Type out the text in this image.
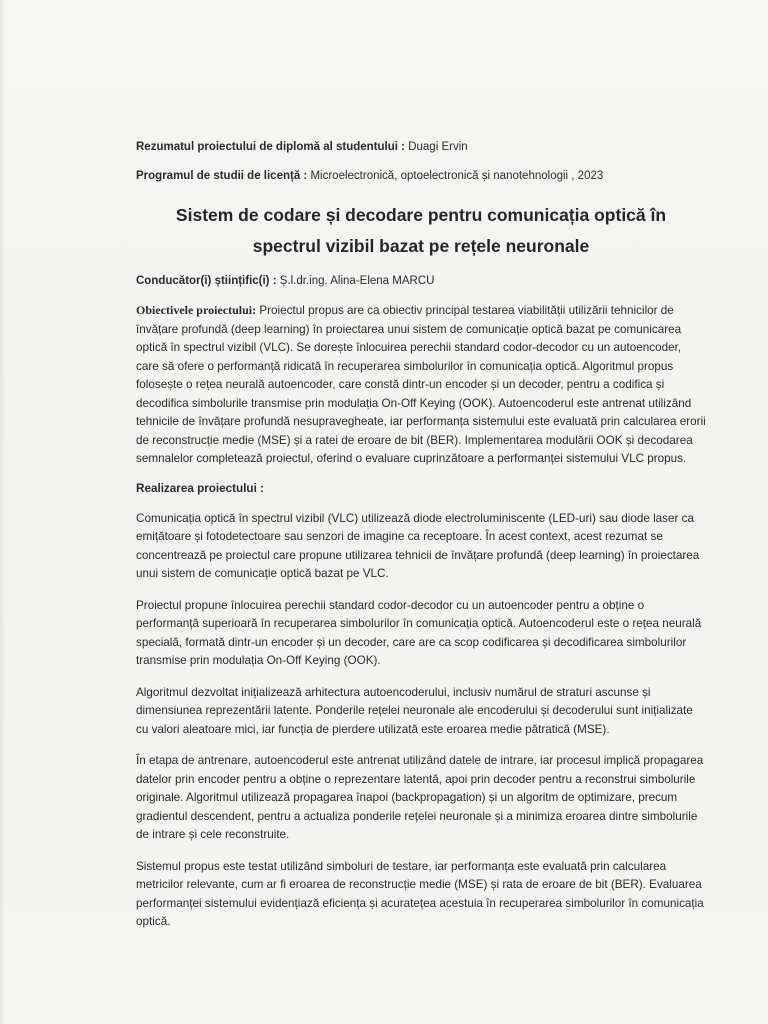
Rezumatul proiectului de diplomă al studentului : Duagi Ervin

Programul de studii de licență : Microelectronică, optoelectronică și nanotehnologii , 2023

Sistem de codare și decodare pentru comunicația optică în
spectrul vizibil bazat pe rețele neuronale

Conducător(i) științific(i) : Ș.l.dr.ing. Alina-Elena MARCU

Obiectivele proiectului: Proiectul propus are ca obiectiv principal testarea viabilității utilizării tehnicilor de învățare profundă (deep learning) în proiectarea unui sistem de comunicație optică bazat pe comunicarea optică în spectrul vizibil (VLC). Se dorește înlocuirea perechii standard codor-decodor cu un autoencoder, care să ofere o performanță ridicată în recuperarea simbolurilor în comunicația optică. Algoritmul propus folosește o rețea neurală autoencoder, care constă dintr-un encoder și un decoder, pentru a codifica și decodifica simbolurile transmise prin modulația On-Off Keying (OOK). Autoencoderul este antrenat utilizând tehnicile de învățare profundă nesupravegheate, iar performanța sistemului este evaluată prin calcularea erorii de reconstrucție medie (MSE) și a ratei de eroare de bit (BER). Implementarea modulării OOK și decodarea semnalelor completează proiectul, oferind o evaluare cuprinzătoare a performanței sistemului VLC propus.

Realizarea proiectului :

Comunicația optică în spectrul vizibil (VLC) utilizează diode electroluminiscente (LED-uri) sau diode laser ca emițătoare și fotodetectoare sau senzori de imagine ca receptoare. În acest context, acest rezumat se concentrează pe proiectul care propune utilizarea tehnicii de învățare profundă (deep learning) în proiectarea unui sistem de comunicație optică bazat pe VLC.

Proiectul propune înlocuirea perechii standard codor-decodor cu un autoencoder pentru a obține o performanță superioară în recuperarea simbolurilor în comunicația optică. Autoencoderul este o rețea neurală specială, formată dintr-un encoder și un decoder, care are ca scop codificarea și decodificarea simbolurilor transmise prin modulația On-Off Keying (OOK).

Algoritmul dezvoltat inițializează arhitectura autoencoderului, inclusiv numărul de straturi ascunse și dimensiunea reprezentării latente. Ponderile rețelei neuronale ale encoderului și decoderului sunt inițializate cu valori aleatoare mici, iar funcția de pierdere utilizată este eroarea medie pătratică (MSE).

În etapa de antrenare, autoencoderul este antrenat utilizând datele de intrare, iar procesul implică propagarea datelor prin encoder pentru a obține o reprezentare latentă, apoi prin decoder pentru a reconstrui simbolurile originale. Algoritmul utilizează propagarea înapoi (backpropagation) și un algoritm de optimizare, precum gradientul descendent, pentru a actualiza ponderile rețelei neuronale și a minimiza eroarea dintre simbolurile de intrare și cele reconstruite.

Sistemul propus este testat utilizând simboluri de testare, iar performanța este evaluată prin calcularea metricilor relevante, cum ar fi eroarea de reconstrucție medie (MSE) și rata de eroare de bit (BER). Evaluarea performanței sistemului evidențiază eficiența și acuratețea acestuia în recuperarea simbolurilor în comunicația optică.
